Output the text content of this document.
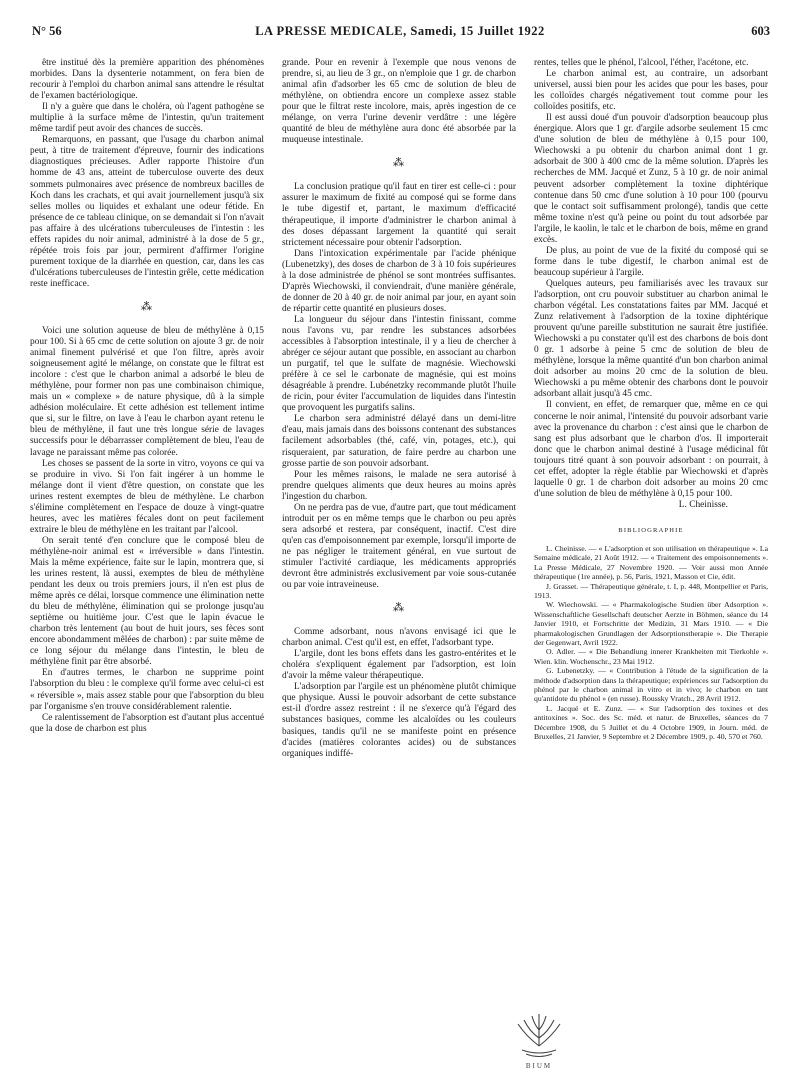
N° 56	LA PRESSE MEDICALE, Samedi, 15 Juillet 1922	603

être institué dès la première apparition des phénomènes morbides. Dans la dysenterie notamment, on fera bien de recourir à l'emploi du charbon animal sans attendre le résultat de l'examen bactériologique.

Il n'y a guère que dans le choléra, où l'agent pathogène se multiplie à la surface même de l'intestin, qu'un traitement même tardif peut avoir des chances de succès.

Remarquons, en passant, que l'usage du charbon animal peut, à titre de traitement d'épreuve, fournir des indications diagnostiques précieuses. Adler rapporte l'histoire d'un homme de 43 ans, atteint de tuberculose ouverte des deux sommets pulmonaires avec présence de nombreux bacilles de Koch dans les crachats, et qui avait journellement jusqu'à six selles molles ou liquides et exhalant une odeur fétide. En présence de ce tableau clinique, on se demandait si l'on n'avait pas affaire à des ulcérations tuberculeuses de l'intestin : les effets rapides du noir animal, administré à la dose de 5 gr., répétée trois fois par jour, permirent d'affirmer l'origine purement toxique de la diarrhée en question, car, dans les cas d'ulcérations tuberculeuses de l'intestin grêle, cette médication reste inefficace.

⁂

Voici une solution aqueuse de bleu de méthylène à 0,15 pour 100. Si à 65 cmc de cette solution on ajoute 3 gr. de noir animal finement pulvérisé et que l'on filtre, après avoir soigneusement agité le mélange, on constate que le filtrat est incolore : c'est que le charbon animal a adsorbé le bleu de méthylène, pour former non pas une combinaison chimique, mais un « complexe » de nature physique, dû à la simple adhésion moléculaire. Et cette adhésion est tellement intime que si, sur le filtre, on lave à l'eau le charbon ayant retenu le bleu de méthylène, il faut une très longue série de lavages successifs pour le débarrasser complètement de bleu, l'eau de lavage ne paraissant même pas colorée.

Les choses se passent de la sorte in vitro, voyons ce qui va se produire in vivo. Si l'on fait ingérer à un homme le mélange dont il vient d'être question, on constate que les urines restent exemptes de bleu de méthylène. Le charbon s'élimine complètement en l'espace de douze à vingt-quatre heures, avec les matières fécales dont on peut facilement extraire le bleu de méthylène en les traitant par l'alcool.

On serait tenté d'en conclure que le composé bleu de méthylène-noir animal est « irréversible » dans l'intestin. Mais la même expérience, faite sur le lapin, montrera que, si les urines restent, là aussi, exemptes de bleu de méthylène pendant les deux ou trois premiers jours, il n'en est plus de même après ce délai, lorsque commence une élimination nette du bleu de méthylène, élimination qui se prolonge jusqu'au septième ou huitième jour. C'est que le lapin évacue le charbon très lentement (au bout de huit jours, ses fèces sont encore abondamment mêlées de charbon) : par suite même de ce long séjour du mélange dans l'intestin, le bleu de méthylène finit par être absorbé.

En d'autres termes, le charbon ne supprime point l'absorption du bleu : le complexe qu'il forme avec celui-ci est « réversible », mais assez stable pour que l'absorption du bleu par l'organisme s'en trouve considérablement ralentie.

Ce ralentissement de l'absorption est d'autant plus accentué que la dose de charbon est plus

grande. Pour en revenir à l'exemple que nous venons de prendre, si, au lieu de 3 gr., on n'emploie que 1 gr. de charbon animal afin d'adsorber les 65 cmc de solution de bleu de méthylène, on obtiendra encore un complexe assez stable pour que le filtrat reste incolore, mais, après ingestion de ce mélange, on verra l'urine devenir verdâtre : une légère quantité de bleu de méthylène aura donc été absorbée par la muqueuse intestinale.

⁂

La conclusion pratique qu'il faut en tirer est celle-ci : pour assurer le maximum de fixité au composé qui se forme dans le tube digestif et, partant, le maximum d'efficacité thérapeutique, il importe d'administrer le charbon animal à des doses dépassant largement la quantité qui serait strictement nécessaire pour obtenir l'adsorption.

Dans l'intoxication expérimentale par l'acide phénique (Lubenetzky), des doses de charbon de 3 à 10 fois supérieures à la dose administrée de phénol se sont montrées suffisantes. D'après Wiechowski, il conviendrait, d'une manière générale, de donner de 20 à 40 gr. de noir animal par jour, en ayant soin de répartir cette quantité en plusieurs doses.

La longueur du séjour dans l'intestin finissant, comme nous l'avons vu, par rendre les substances adsorbées accessibles à l'absorption intestinale, il y a lieu de chercher à abréger ce séjour autant que possible, en associant au charbon un purgatif, tel que le sulfate de magnésie. Wiechowski préfère à ce sel le carbonate de magnésie, qui est moins désagréable à prendre. Lubénetzky recommande plutôt l'huile de ricin, pour éviter l'accumulation de liquides dans l'intestin que provoquent les purgatifs salins.

Le charbon sera administré délayé dans un demi-litre d'eau, mais jamais dans des boissons contenant des substances facilement adsorbables (thé, café, vin, potages, etc.), qui risqueraient, par saturation, de faire perdre au charbon une grosse partie de son pouvoir adsorbant.

Pour les mêmes raisons, le malade ne sera autorisé à prendre quelques aliments que deux heures au moins après l'ingestion du charbon.

On ne perdra pas de vue, d'autre part, que tout médicament introduit per os en même temps que le charbon ou peu après sera adsorbé et restera, par conséquent, inactif. C'est dire qu'en cas d'empoisonnement par exemple, lorsqu'il importe de ne pas négliger le traitement général, en vue surtout de stimuler l'activité cardiaque, les médicaments appropriés devront être administrés exclusivement par voie sous-cutanée ou par voie intraveineuse.

⁂

Comme adsorbant, nous n'avons envisagé ici que le charbon animal. C'est qu'il est, en effet, l'adsorbant type.

L'argile, dont les bons effets dans les gastro-entérites et le choléra s'expliquent également par l'adsorption, est loin d'avoir la même valeur thérapeutique.

L'adsorption par l'argile est un phénomène plutôt chimique que physique. Aussi le pouvoir adsorbant de cette substance est-il d'ordre assez restreint : il ne s'exerce qu'à l'égard des substances basiques, comme les alcaloïdes ou les couleurs basiques, tandis qu'il ne se manifeste point en présence d'acides (matières colorantes acides) ou de substances organiques indiffé-

rentes, telles que le phénol, l'alcool, l'éther, l'acétone, etc.

Le charbon animal est, au contraire, un adsorbant universel, aussi bien pour les acides que pour les bases, pour les colloïdes chargés négativement tout comme pour les colloïdes positifs, etc.

Il est aussi doué d'un pouvoir d'adsorption beaucoup plus énergique. Alors que 1 gr. d'argile adsorbe seulement 15 cmc d'une solution de bleu de méthylène à 0,15 pour 100, Wiechowski a pu obtenir du charbon animal dont 1 gr. adsorbait de 300 à 400 cmc de la même solution. D'après les recherches de MM. Jacqué et Zunz, 5 à 10 gr. de noir animal peuvent adsorber complètement la toxine diphtérique contenue dans 50 cmc d'une solution à 10 pour 100 (pourvu que le contact soit suffisamment prolongé), tandis que cette même toxine n'est qu'à peine ou point du tout adsorbée par l'argile, le kaolin, le talc et le charbon de bois, même en grand excès.

De plus, au point de vue de la fixité du composé qui se forme dans le tube digestif, le charbon animal est de beaucoup supérieur à l'argile.

Quelques auteurs, peu familiarisés avec les travaux sur l'adsorption, ont cru pouvoir substituer au charbon animal le charbon végétal. Les constatations faites par MM. Jacqué et Zunz relativement à l'adsorption de la toxine diphtérique prouvent qu'une pareille substitution ne saurait être justifiée. Wiechowski a pu constater qu'il est des charbons de bois dont 0 gr. 1 adsorbe à peine 5 cmc de solution de bleu de méthylène, lorsque la même quantité d'un bon charbon animal doit adsorber au moins 20 cmc de la solution de bleu. Wiechowski a pu même obtenir des charbons dont le pouvoir adsorbant allait jusqu'à 45 cmc.

Il convient, en effet, de remarquer que, même en ce qui concerne le noir animal, l'intensité du pouvoir adsorbant varie avec la provenance du charbon : c'est ainsi que le charbon de sang est plus adsorbant que le charbon d'os. Il importerait donc que le charbon animal destiné à l'usage médicinal fût toujours titré quant à son pouvoir adsorbant : on pourrait, à cet effet, adopter la règle établie par Wiechowski et d'après laquelle 0 gr. 1 de charbon doit adsorber au moins 20 cmc d'une solution de bleu de méthylène à 0,15 pour 100.

L. Cheinisse.

BIBLIOGRAPHIE

L. Cheinisse. — « L'adsorption et son utilisation en thérapeutique ». La Semaine médicale, 21 Août 1912. — « Traitement des empoisonnements ». La Presse Médicale, 27 Novembre 1920. — Voir aussi mon Année thérapeutique (1re année), p. 56, Paris, 1921, Masson et Cie, édit.

J. Grasset. — Thérapeutique générale, t. I, p. 448, Montpellier et Paris, 1913.

W. Wiechowski. — « Pharmakologische Studien über Adsorption ». Wissenschaftliche Gesellschaft deutscher Aerzte in Böhmen, séance du 14 Janvier 1910, et Fortschritte der Medizin, 31 Mars 1910. — « Die pharmakologischen Grundlagen der Adsorptionstherapie ». Die Therapie der Gegenwart, Avril 1922.

O. Adler. — « Die Behandlung innerer Krankheiten mit Tierkohle ». Wien. klin. Wochenschr., 23 Mai 1912.

G. Lubenetzky. — « Contribution à l'étude de la signification de la méthode d'adsorption dans la thérapeutique; expériences sur l'adsorption du phénol par le charbon animal in vitro et in vivo; le charbon en tant qu'antidote du phénol » (en russe). Roussky Vratch., 28 Avril 1912.

L. Jacqué et E. Zunz. — « Sur l'adsorption des toxines et des antitoxines ». Soc. des Sc. méd. et natur. de Bruxelles, séances du 7 Décembre 1908, du 5 Juillet et du 4 Octobre 1909, in Journ. méd. de Bruxelles, 21 Janvier, 9 Septembre et 2 Décembre 1909, p. 40, 570 et 760.

BIUM
